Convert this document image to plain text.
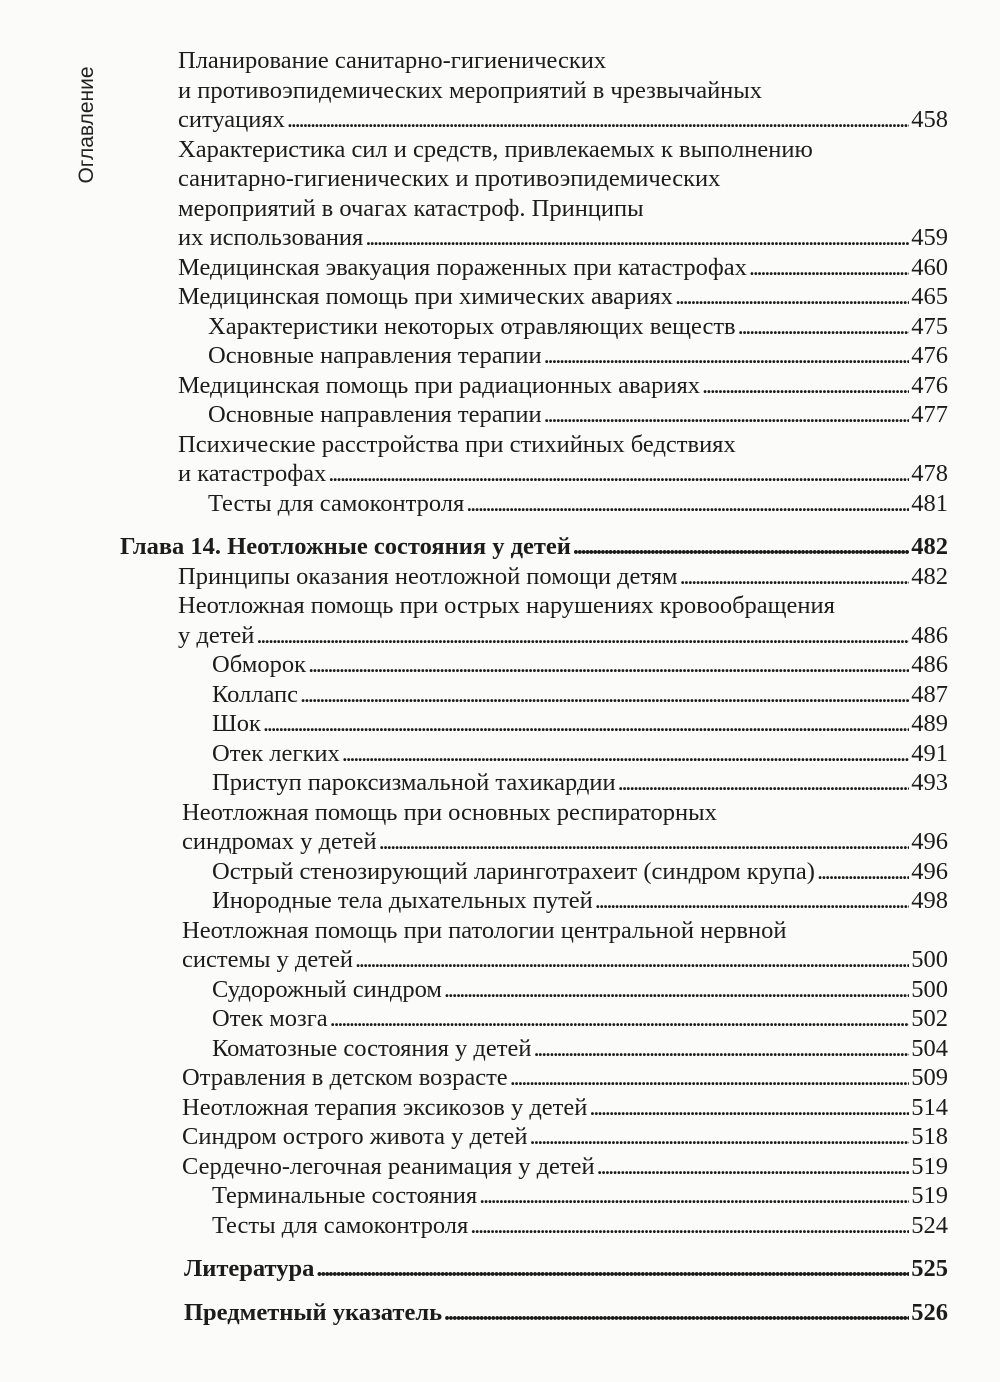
Оглавление
Планирование санитарно-гигиенических
и противоэпидемических мероприятий в чрезвычайных
ситуациях . . .	458
Характеристика сил и средств, привлекаемых к выполнению
санитарно-гигиенических и противоэпидемических
мероприятий в очагах катастроф. Принципы
их использования . . .	459
Медицинская эвакуация пораженных при катастрофах . . .	460
Медицинская помощь при химических авариях . . .	465
Характеристики некоторых отравляющих веществ . . .	475
Основные направления терапии . . .	476
Медицинская помощь при радиационных авариях . . .	476
Основные направления терапии . . .	477
Психические расстройства при стихийных бедствиях
и катастрофах . . .	478
Тесты для самоконтроля . . .	481
Глава 14. Неотложные состояния у детей . . .	482
Принципы оказания неотложной помощи детям . . .	482
Неотложная помощь при острых нарушениях кровообращения
у детей . . .	486
Обморок . . .	486
Коллапс . . .	487
Шок . . .	489
Отек легких . . .	491
Приступ пароксизмальной тахикардии . . .	493
Неотложная помощь при основных респираторных
синдромах у детей . . .	496
Острый стенозирующий ларинготрахеит (синдром крупа) . . .	496
Инородные тела дыхательных путей . . .	498
Неотложная помощь при патологии центральной нервной
системы у детей . . .	500
Судорожный синдром . . .	500
Отек мозга . . .	502
Коматозные состояния у детей . . .	504
Отравления в детском возрасте . . .	509
Неотложная терапия эксикозов у детей . . .	514
Синдром острого живота у детей . . .	518
Сердечно-легочная реанимация у детей . . .	519
Терминальные состояния . . .	519
Тесты для самоконтроля . . .	524
Литература . . .	525
Предметный указатель . . .	526
